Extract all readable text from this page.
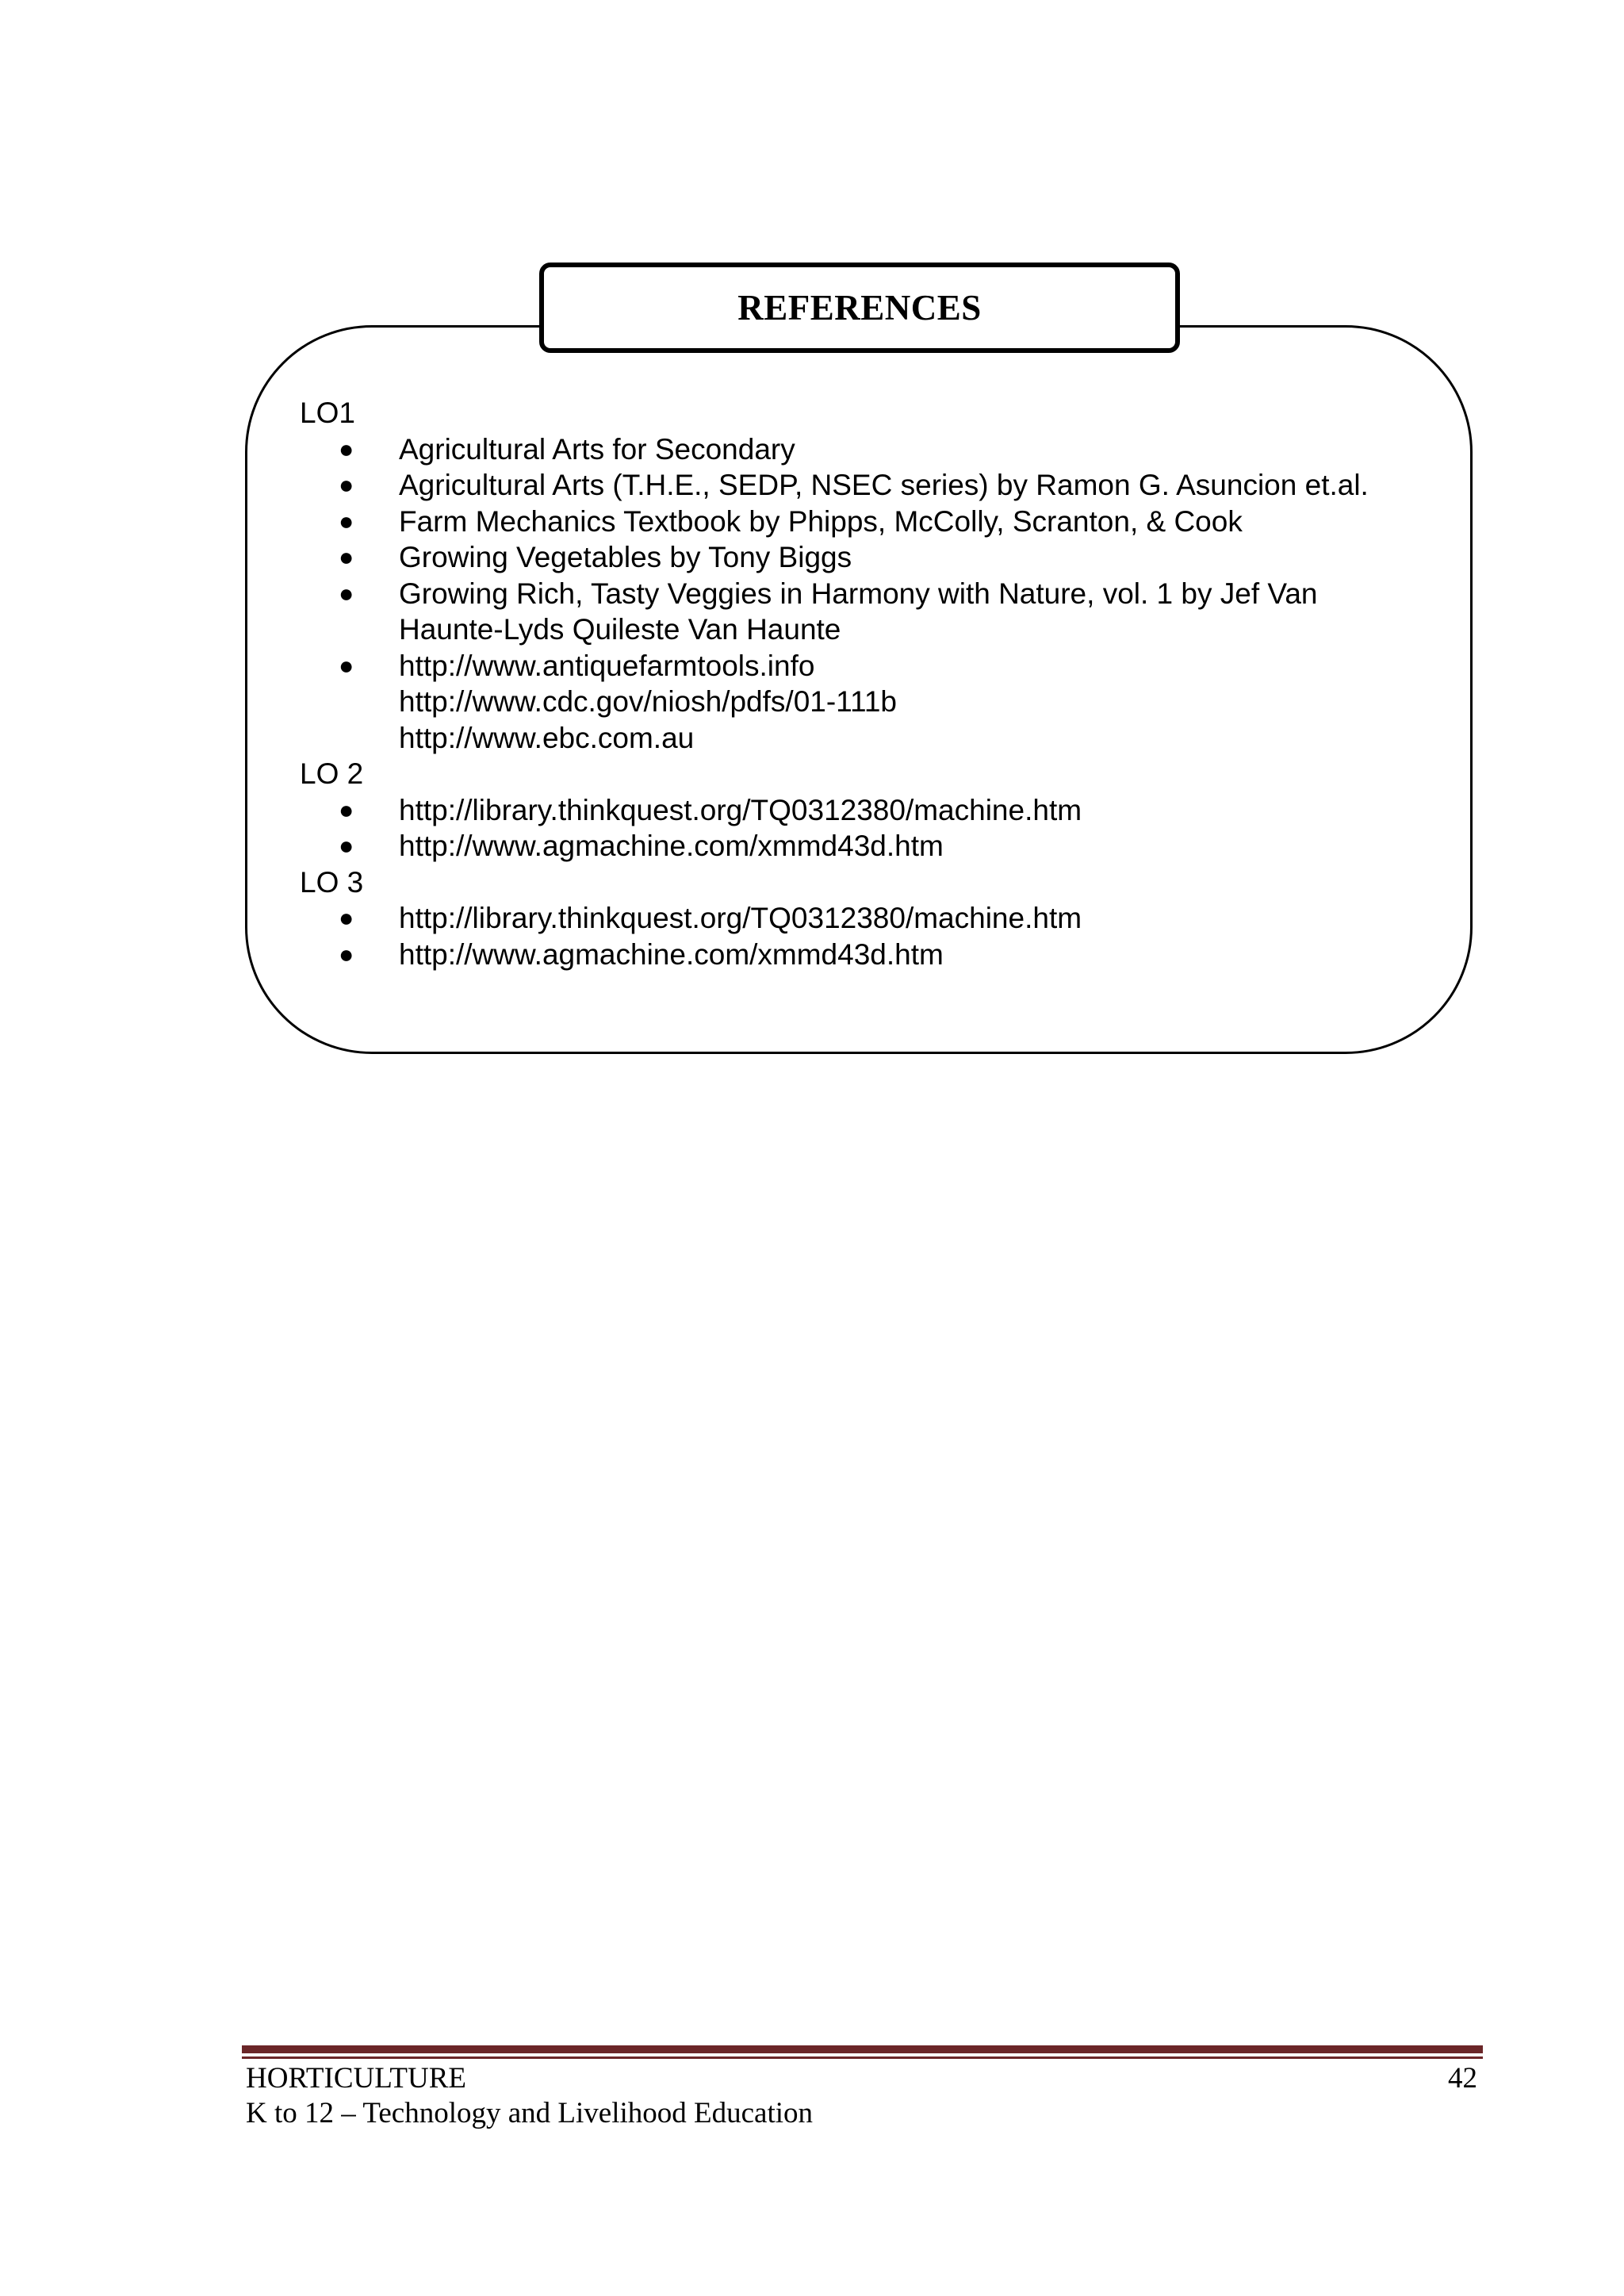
REFERENCES
LO1
● Agricultural Arts for Secondary
● Agricultural Arts (T.H.E., SEDP, NSEC series) by Ramon G. Asuncion et.al.
● Farm Mechanics Textbook by Phipps, McColly, Scranton, & Cook
● Growing Vegetables by Tony Biggs
● Growing Rich, Tasty Veggies in Harmony with Nature, vol. 1 by Jef Van
Haunte-Lyds Quileste Van Haunte
● http://www.antiquefarmtools.info
http://www.cdc.gov/niosh/pdfs/01-111b
http://www.ebc.com.au
LO 2
● http://library.thinkquest.org/TQ0312380/machine.htm
● http://www.agmachine.com/xmmd43d.htm
LO 3
● http://library.thinkquest.org/TQ0312380/machine.htm
● http://www.agmachine.com/xmmd43d.htm
HORTICULTURE
K to 12 – Technology and Livelihood Education
42
